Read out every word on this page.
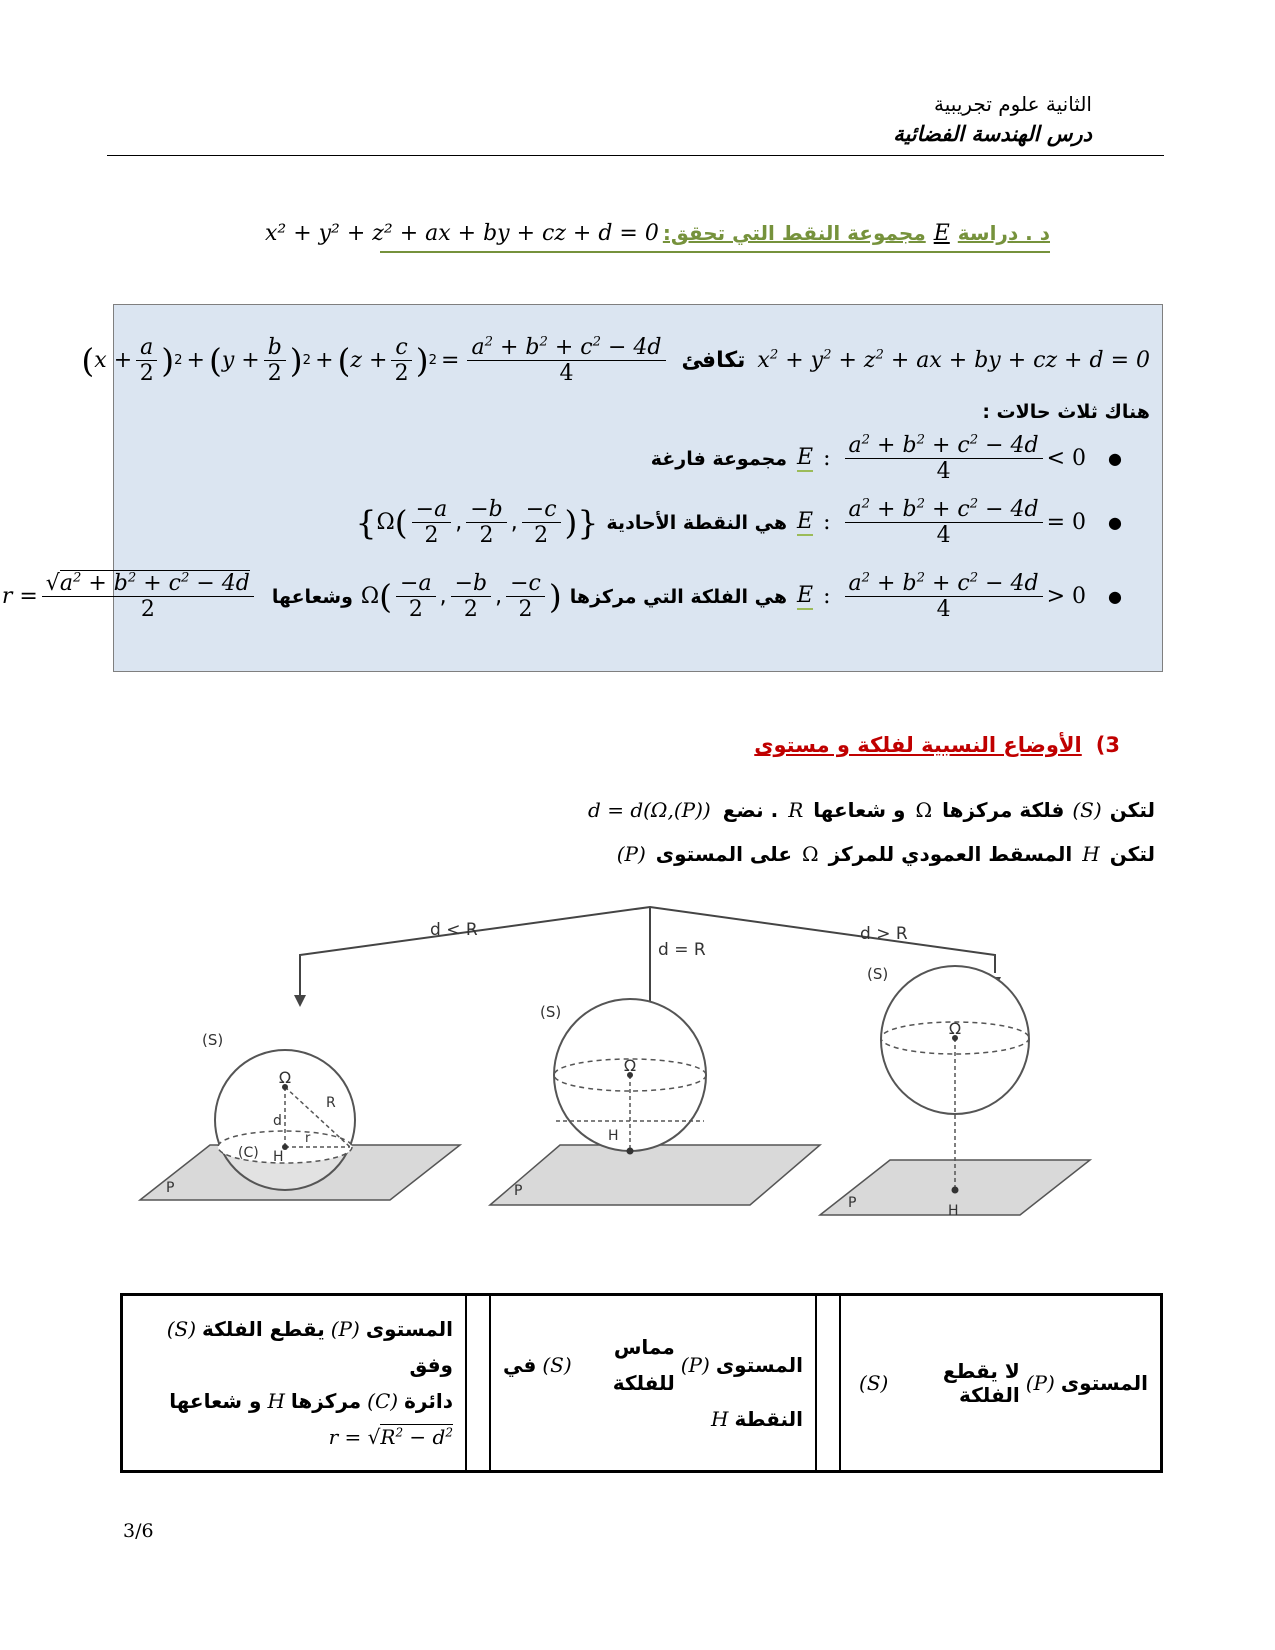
الثانية علوم تجريبية
درس الهندسة الفضائية
د . دراسة
E
مجموعة النقط التي تحقق:
x² + y² + z² + ax + by + cz + d = 0
$x^2 + y^2 + z^2$ + ax + by + cz + d = 0
تكافئ
( $x + \frac{a}{2}$ ) 2 + ( $y + \frac{b}{2}$ ) 2 + ( $z + \frac{c}{2}$ ) $2 = \frac{a^2 + b^2 + c^2 - 4d}{4}$
هناك ثلاث حالات :
●
$\frac{a^2 + b^2 + c^2 - 4d}{4} < 0$
:
E
مجموعة فارغة
●
$\frac{a^2 + b^2 + c^2 - 4d}{4} = 0$
:
E
هي النقطة الأحادية
{ Ω ( $\frac{-a}{2}$ , $\frac{-b}{2}$ , $\frac{-c}{2}$ ) }
●
$\frac{a^2 + b^2 + c^2 - 4d}{4} > 0$
:
E
هي الفلكة التي مركزها
Ω ( $\frac{-a}{2}$ , $\frac{-b}{2}$ , $\frac{-c}{2}$ )
وشعاعها
$r = \frac{√a^2 + b^2 + c^2 - 4d}{2}$
3)
الأوضاع النسبية لفلكة و مستوى
لتكن
(S)
فلكة مركزها
Ω
و شعاعها
R
. نضع
d = d(Ω,(P))
لتكن
H
المسقط العمودي للمركز
Ω
على المستوى
(P)
d < R
d = R
d > R
(S)
Ω
R
d
r
(C) H
P
(S)
Ω
H
P
(S)
Ω
H
P
المستوى
(P)
يقطع الفلكة
(S)
وفق
دائرة
(C)
مركزها
H
و شعاعها
$r = √R^2 - d^2$

المستوى
(P)
مماس للفلكة
(S)
في
النقطة
H

المستوى
(P)
لا يقطع الفلكة
(S)
3/6
